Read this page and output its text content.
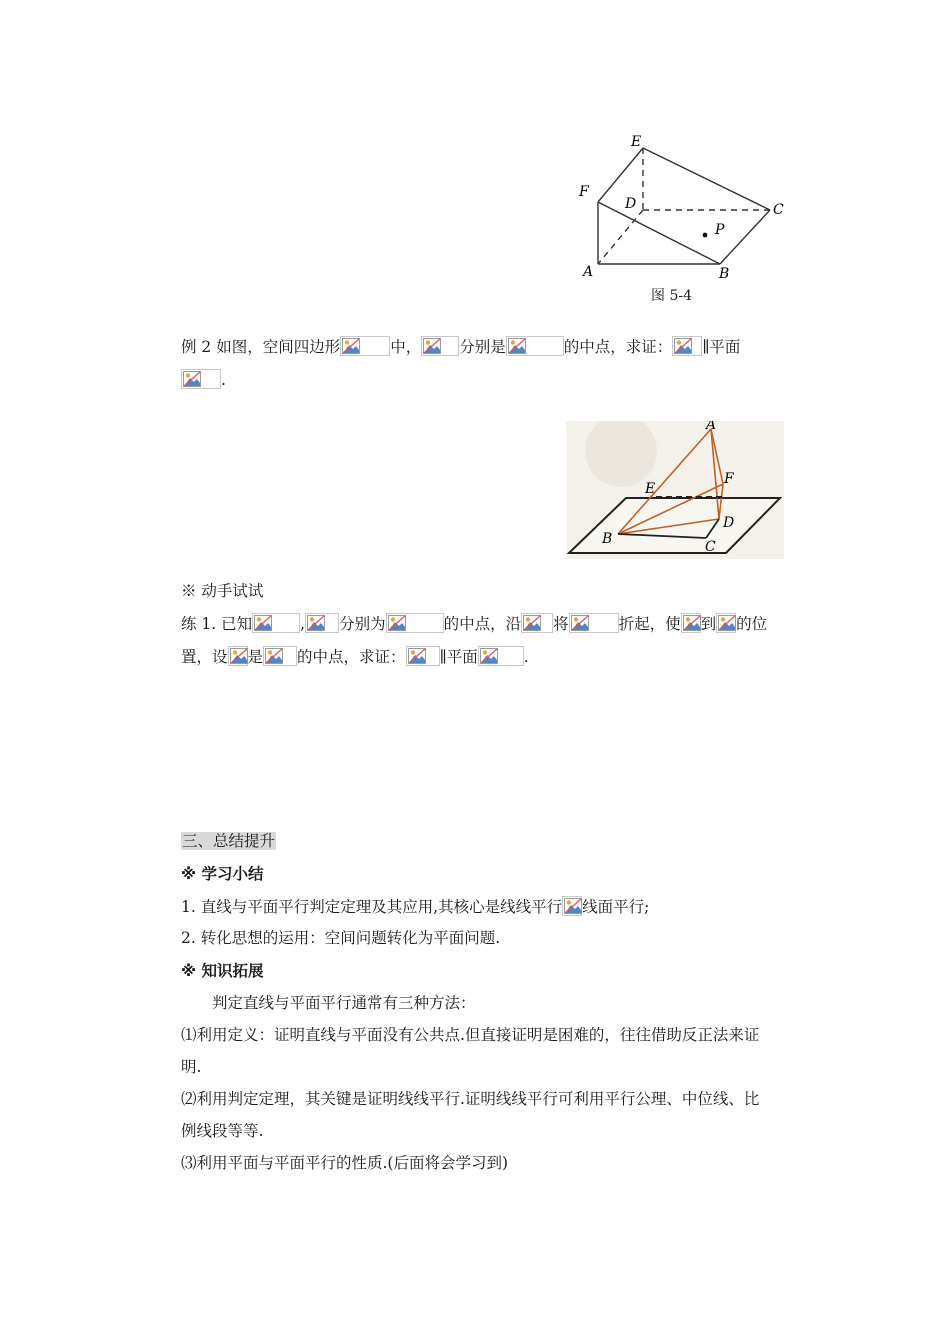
E
F
D	C
P
A	B
图 5-4
例 2 如图，空间四边形	中， 分别是	的中点，求证： ∥平面
.
A
F
E
D
B	C
※ 动手试试
练 1. 已知	, 分别为	的中点，沿 将	折起，使 到 的位
置，设 是 的中点，求证： ∥平面	.
三、总结提升
※ 学习小结
1. 直线与平面平行判定定理及其应用,其核心是线线平行 线面平行;
2. 转化思想的运用：空间问题转化为平面问题.
※ 知识拓展
判定直线与平面平行通常有三种方法：
⑴利用定义：证明直线与平面没有公共点.但直接证明是困难的，往往借助反正法来证
明.
⑵利用判定定理，其关键是证明线线平行.证明线线平行可利用平行公理、中位线、比
例线段等等.
⑶利用平面与平面平行的性质.(后面将会学习到)
